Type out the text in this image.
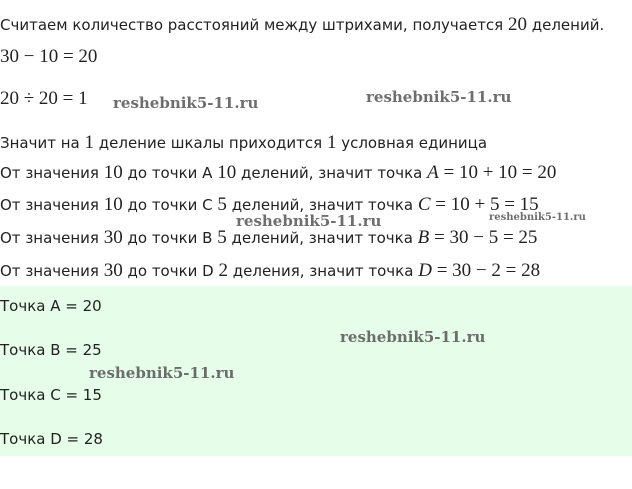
Считаем количество расстояний между штрихами, получается 20 делений.
30 − 10 = 20
20 ÷ 20 = 1
Значит на 1 деление шкалы приходится 1 условная единица
От значения 10 до точки A 10 делений, значит точка A = 10 + 10 = 20
От значения 10 до точки C 5 делений, значит точка C = 10 + 5 = 15
От значения 30 до точки B 5 делений, значит точка B = 30 − 5 = 25
От значения 30 до точки D 2 деления, значит точка D = 30 − 2 = 28
Точка A = 20
Точка B = 25
Точка C = 15
Точка D = 28
reshebnik5-11.ru	reshebnik5-11.ru
reshebnik5-11.ru	reshebnik5-11.ru
reshebnik5-11.ru
reshebnik5-11.ru
